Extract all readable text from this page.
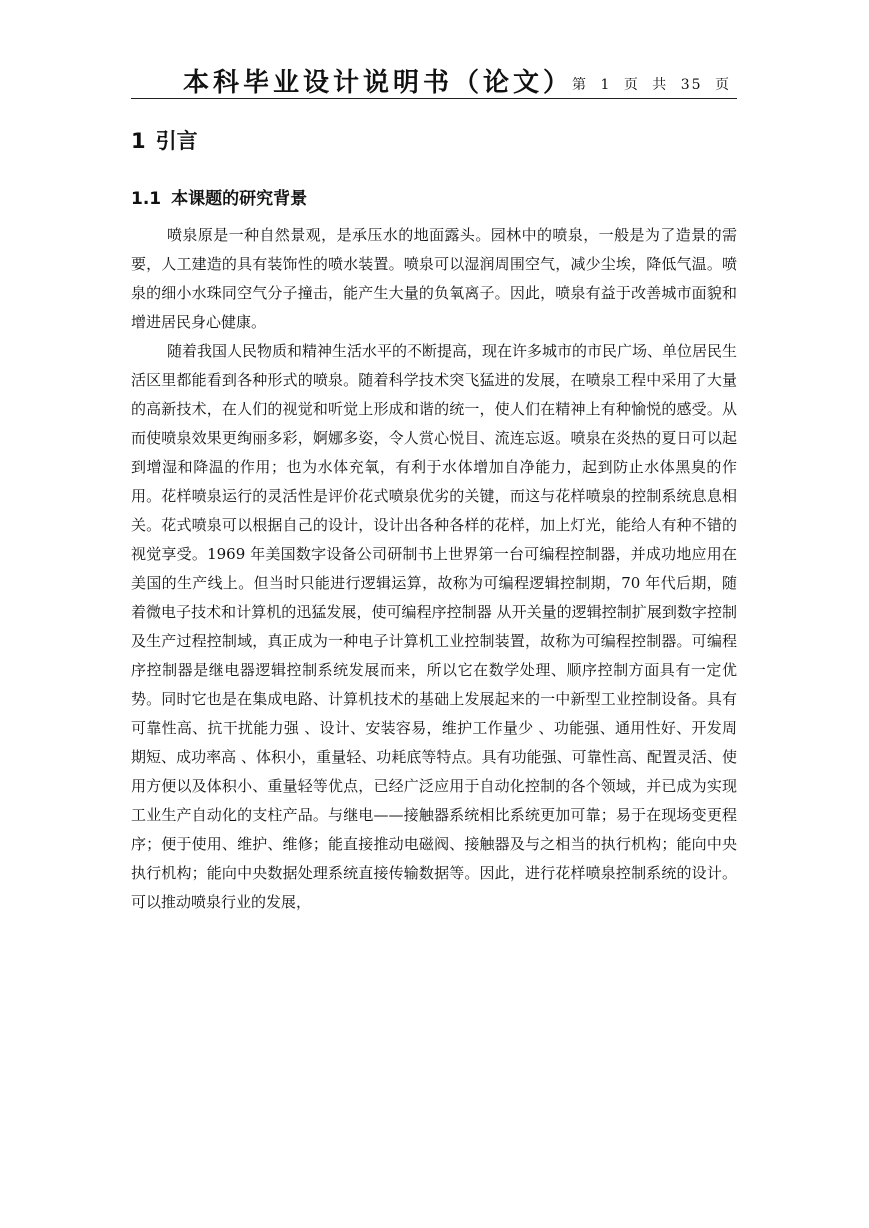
本科毕业设计说明书（论文） 第 1 页 共 35 页
1 引言
1.1 本课题的研究背景

喷泉原是一种自然景观，是承压水的地面露头。园林中的喷泉，一般是为了造景的需要，人工建造的具有装饰性的喷水装置。喷泉可以湿润周围空气，减少尘埃，降低气温。喷泉的细小水珠同空气分子撞击，能产生大量的负氧离子。因此，喷泉有益于改善城市面貌和增进居民身心健康。

随着我国人民物质和精神生活水平的不断提高，现在许多城市的市民广场、单位居民生活区里都能看到各种形式的喷泉。随着科学技术突飞猛进的发展，在喷泉工程中采用了大量的高新技术，在人们的视觉和听觉上形成和谐的统一，使人们在精神上有种愉悦的感受。从而使喷泉效果更绚丽多彩，婀娜多姿，令人赏心悦目、流连忘返。喷泉在炎热的夏日可以起到增湿和降温的作用；也为水体充氧，有利于水体增加自净能力，起到防止水体黑臭的作用。花样喷泉运行的灵活性是评价花式喷泉优劣的关键，而这与花样喷泉的控制系统息息相关。花式喷泉可以根据自己的设计，设计出各种各样的花样，加上灯光，能给人有种不错的视觉享受。1969 年美国数字设备公司研制书上世界第一台可编程控制器，并成功地应用在美国的生产线上。但当时只能进行逻辑运算，故称为可编程逻辑控制期，70 年代后期，随着微电子技术和计算机的迅猛发展，使可编程序控制器 从开关量的逻辑控制扩展到数字控制及生产过程控制域，真正成为一种电子计算机工业控制装置，故称为可编程控制器。可编程序控制器是继电器逻辑控制系统发展而来，所以它在数学处理、顺序控制方面具有一定优势。同时它也是在集成电路、计算机技术的基础上发展起来的一中新型工业控制设备。具有可靠性高、抗干扰能力强 、设计、安装容易，维护工作量少 、功能强、通用性好、开发周期短、成功率高 、体积小，重量轻、功耗底等特点。具有功能强、可靠性高、配置灵活、使用方便以及体积小、重量轻等优点，已经广泛应用于自动化控制的各个领域，并已成为实现工业生产自动化的支柱产品。与继电——接触器系统相比系统更加可靠；易于在现场变更程序；便于使用、维护、维修；能直接推动电磁阀、接触器及与之相当的执行机构；能向中央执行机构；能向中央数据处理系统直接传输数据等。因此，进行花样喷泉控制系统的设计。可以推动喷泉行业的发展，
